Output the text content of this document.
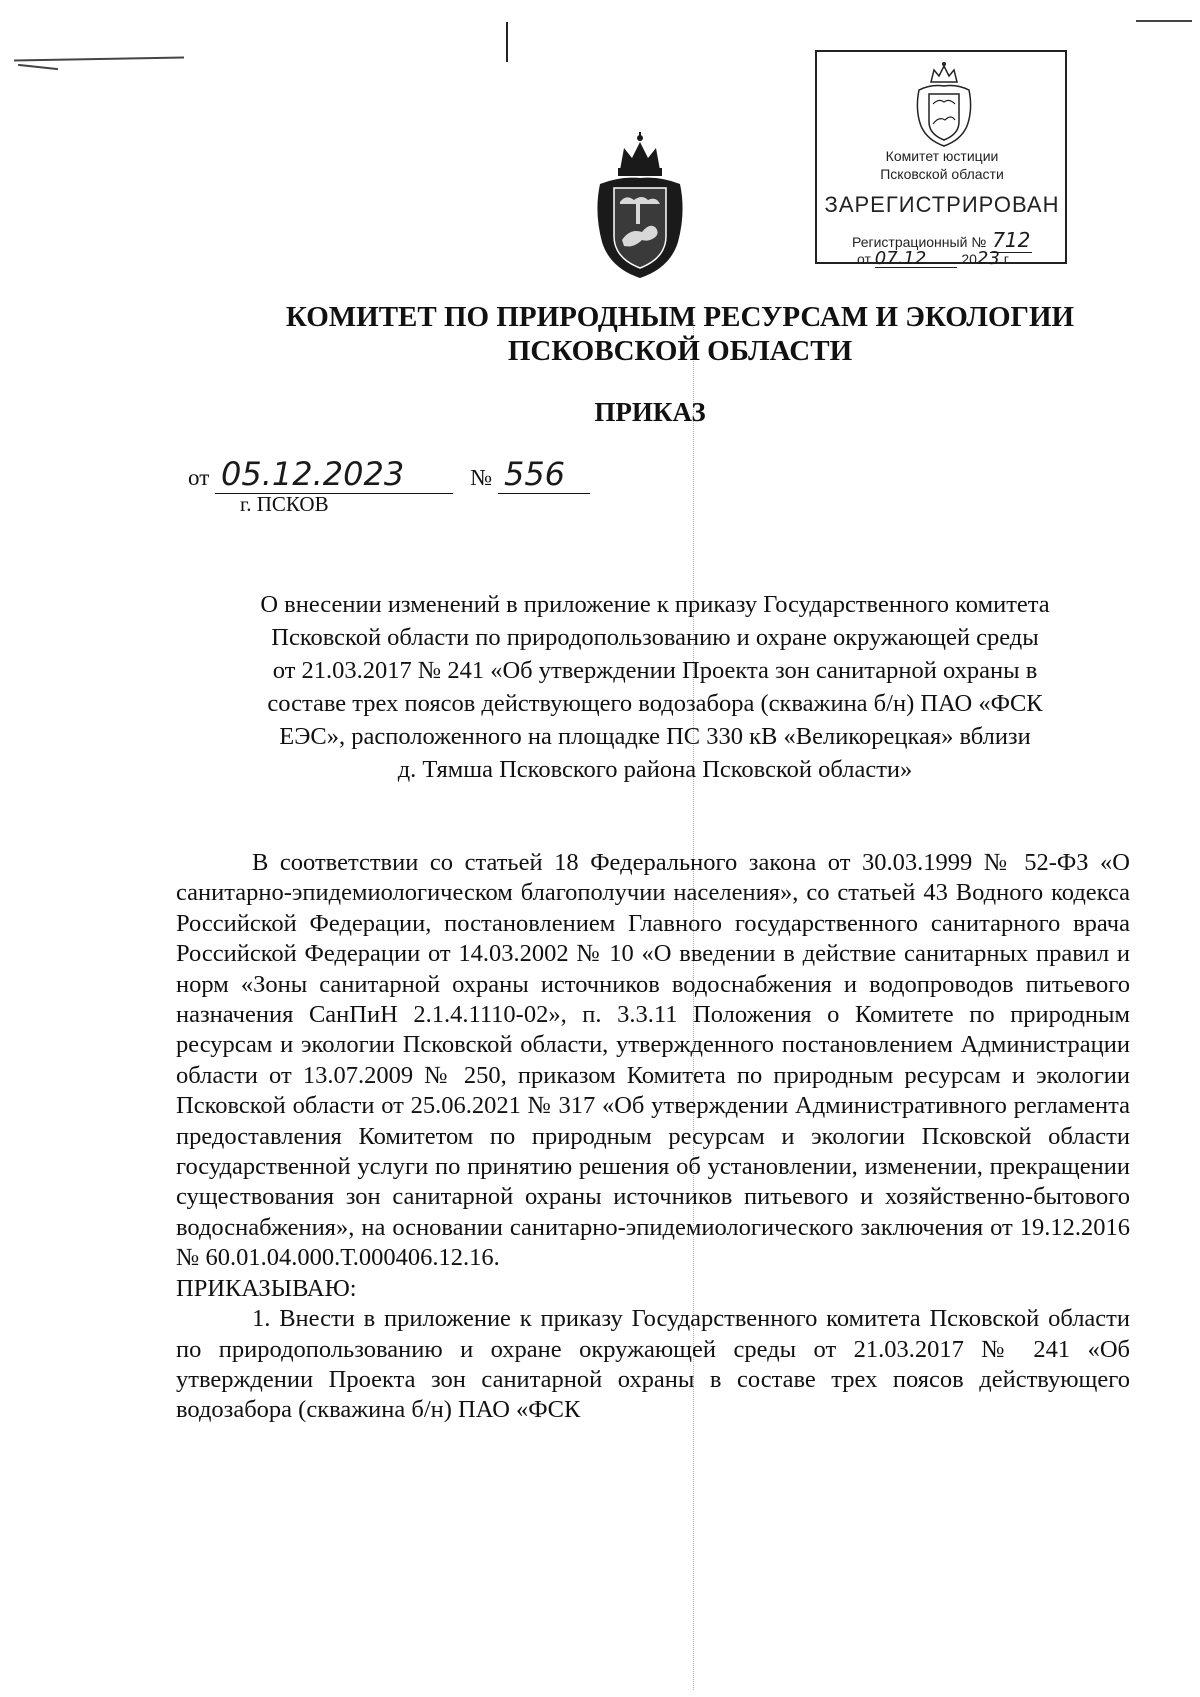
Комитет юстиции
Псковской области
ЗАРЕГИСТРИРОВАН
Регистрационный № 712
от 07.12	2023 г.
КОМИТЕТ ПО ПРИРОДНЫМ РЕСУРСАМ И ЭКОЛОГИИ
ПСКОВСКОЙ ОБЛАСТИ
ПРИКАЗ
от 05.12.2023	№ 556
г. ПСКОВ
О внесении изменений в приложение к приказу Государственного комитета
Псковской области по природопользованию и охране окружающей среды
от 21.03.2017 № 241 «Об утверждении Проекта зон санитарной охраны в
составе трех поясов действующего водозабора (скважина б/н) ПАО «ФСК
ЕЭС», расположенного на площадке ПС 330 кВ «Великорецкая» вблизи
д. Тямша Псковского района Псковской области»

В соответствии со статьей 18 Федерального закона от 30.03.1999 № 52-ФЗ «О санитарно-эпидемиологическом благополучии населения», со статьей 43 Водного кодекса Российской Федерации, постановлением Главного государственного санитарного врача Российской Федерации от 14.03.2002 № 10 «О введении в действие санитарных правил и норм «Зоны санитарной охраны источников водоснабжения и водопроводов питьевого назначения СанПиН 2.1.4.1110-02», п. 3.3.11 Положения о Комитете по природным ресурсам и экологии Псковской области, утвержденного постановлением Администрации области от 13.07.2009 № 250, приказом Комитета по природным ресурсам и экологии Псковской области от 25.06.2021 № 317 «Об утверждении Административного регламента предоставления Комитетом по природным ресурсам и экологии Псковской области государственной услуги по принятию решения об установлении, изменении, прекращении существования зон санитарной охраны источников питьевого и хозяйственно-бытового водоснабжения», на основании санитарно-эпидемиологического заключения от 19.12.2016 № 60.01.04.000.Т.000406.12.16.

ПРИКАЗЫВАЮ:

1. Внести в приложение к приказу Государственного комитета Псковской области по природопользованию и охране окружающей среды от 21.03.2017 № 241 «Об утверждении Проекта зон санитарной охраны в составе трех поясов действующего водозабора (скважина б/н) ПАО «ФСК
